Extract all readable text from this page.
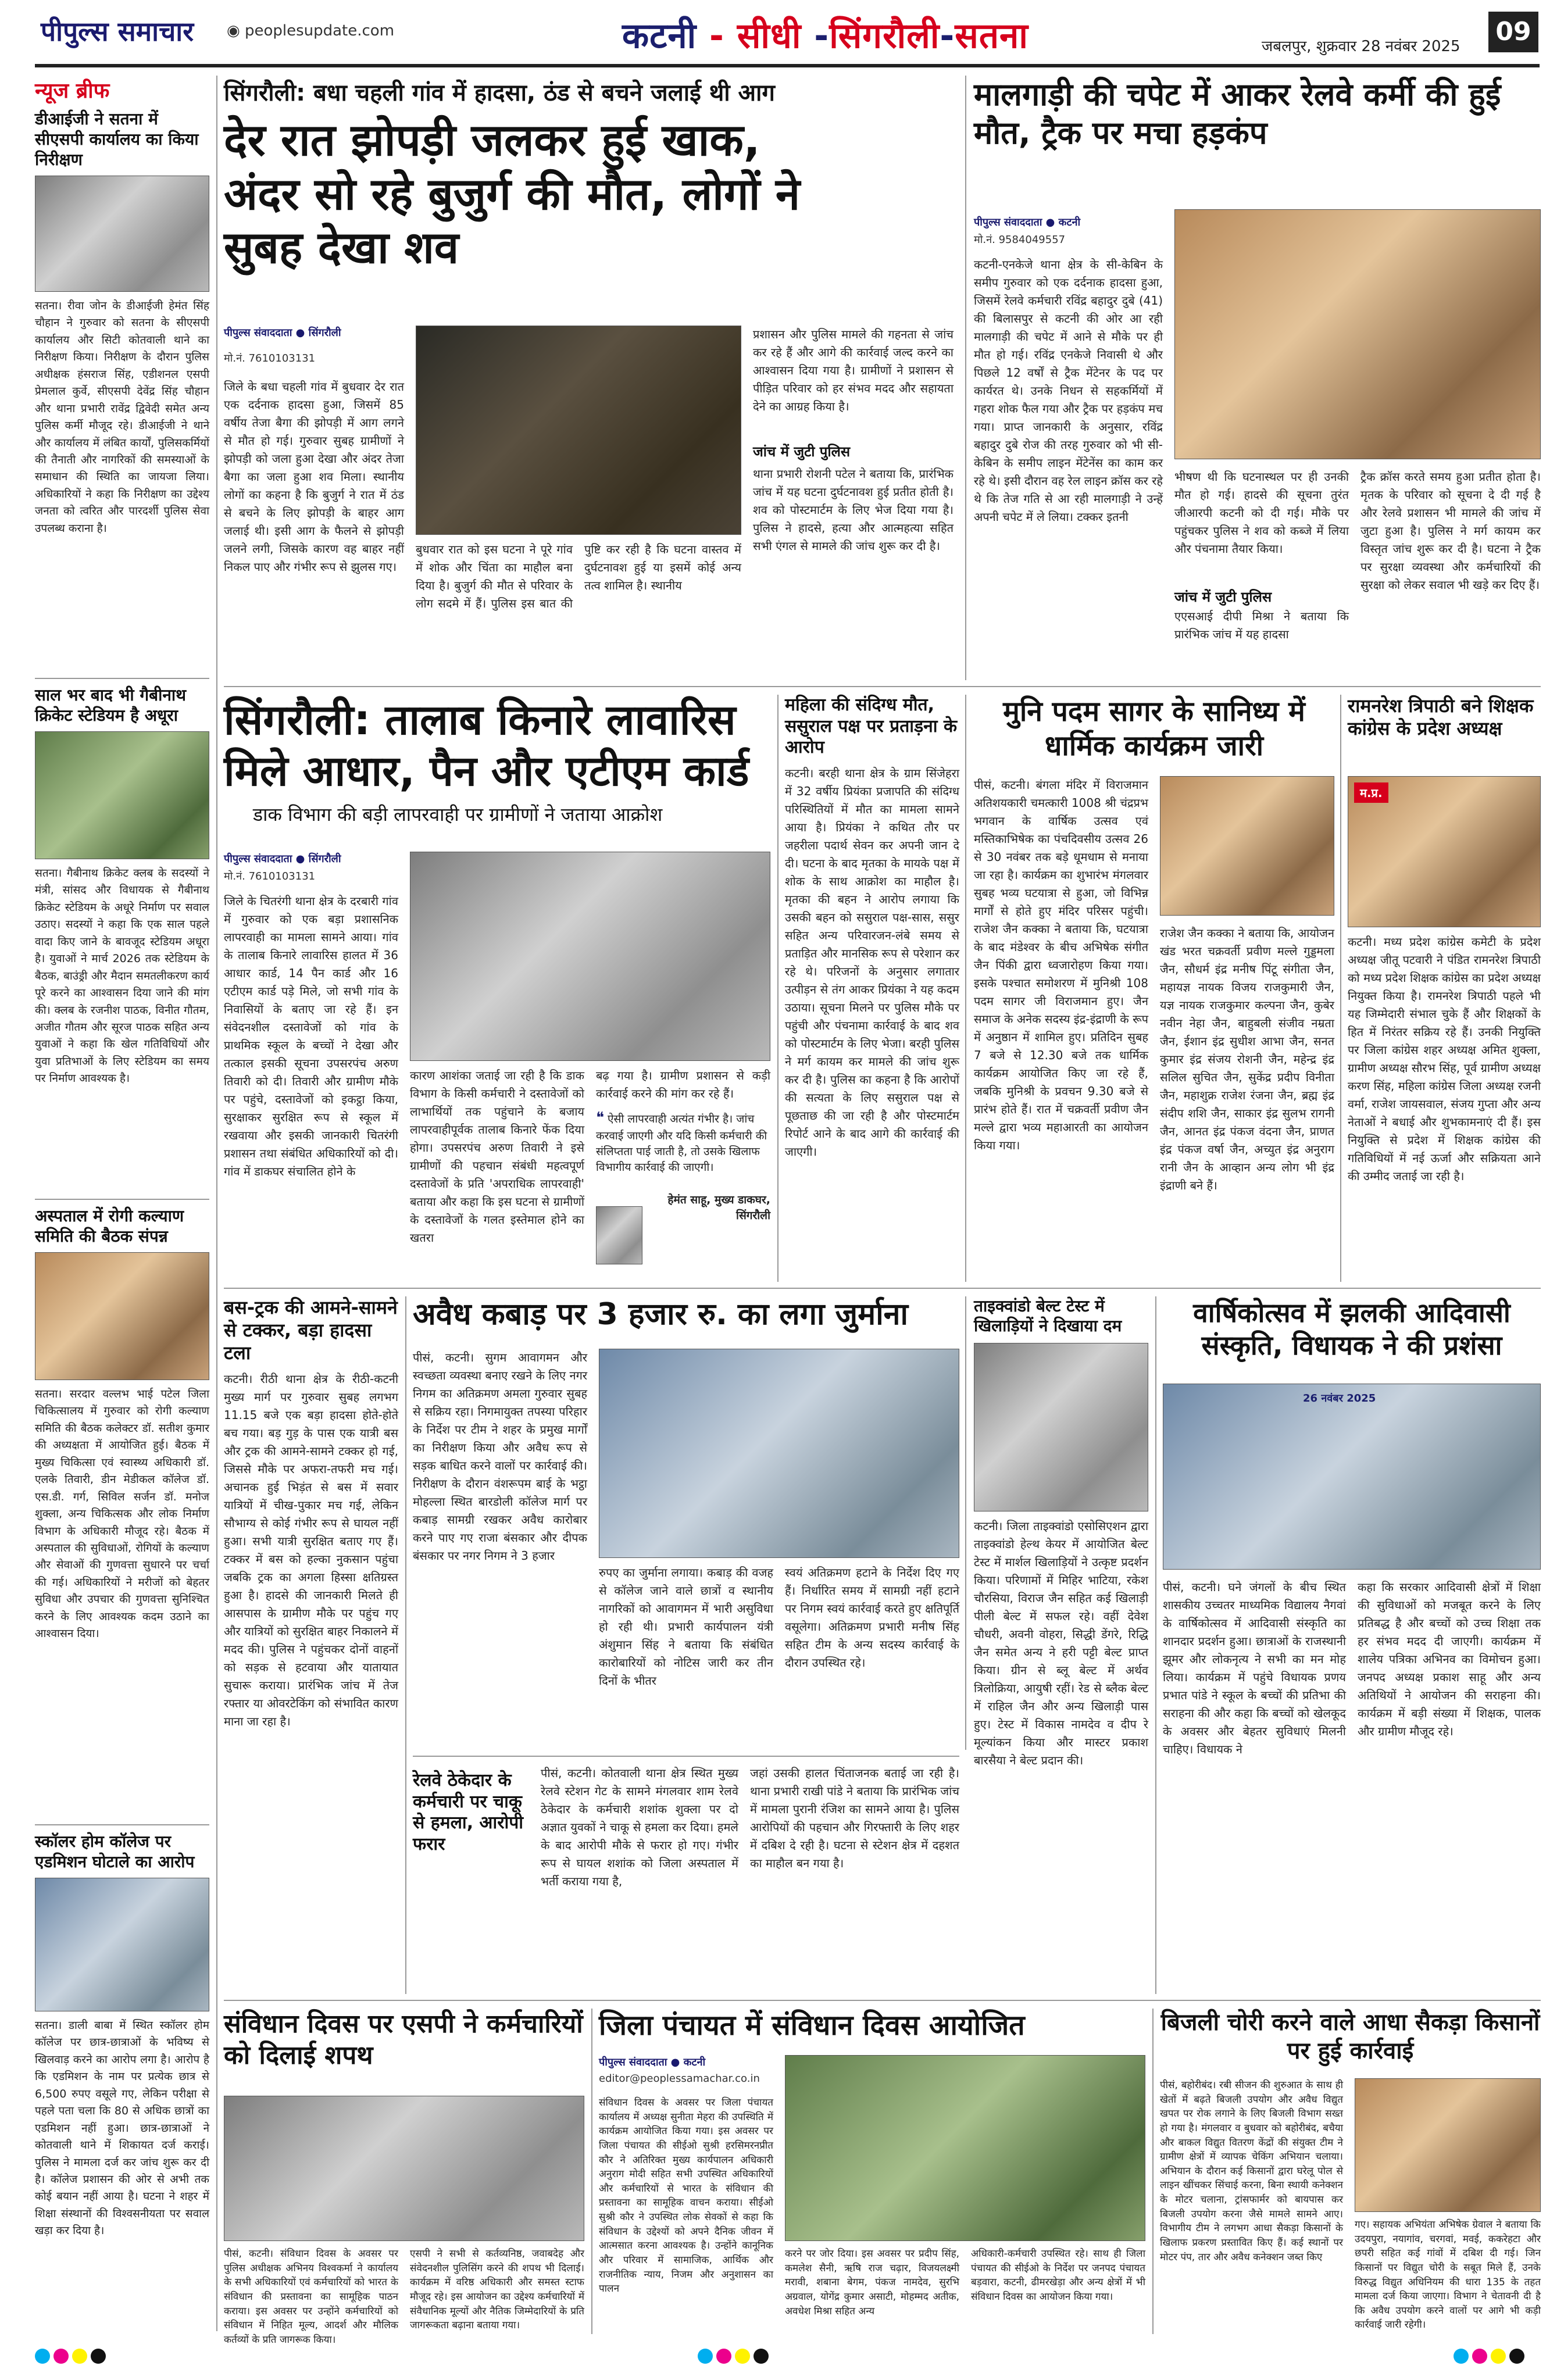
पीपुल्स समाचार ◉ peoplesupdate.com	कटनी - सीधी -सिंगरौली-सतना	जबलपुर, शुक्रवार 28 नवंबर 2025 09
न्यूज ब्रीफ
डीआईजी ने सतना में सीएसपी कार्यालय का किया निरीक्षण
सतना। रीवा जोन के डीआईजी हेमंत सिंह चौहान ने गुरुवार को सतना के सीएसपी कार्यालय और सिटी कोतवाली थाने का निरीक्षण किया। निरीक्षण के दौरान पुलिस अधीक्षक हंसराज सिंह, एडीशनल एसपी प्रेमलाल कुर्वे, सीएसपी देवेंद्र सिंह चौहान और थाना प्रभारी रावेंद्र द्विवेदी समेत अन्य पुलिस कर्मी मौजूद रहे। डीआईजी ने थाने और कार्यालय में लंबित कार्यों, पुलिसकर्मियों की तैनाती और नागरिकों की समस्याओं के समाधान की स्थिति का जायजा लिया। अधिकारियों ने कहा कि निरीक्षण का उद्देश्य जनता को त्वरित और पारदर्शी पुलिस सेवा उपलब्ध कराना है।
साल भर बाद भी गैबीनाथ क्रिकेट स्टेडियम है अधूरा
सतना। गैबीनाथ क्रिकेट क्लब के सदस्यों ने मंत्री, सांसद और विधायक से गैबीनाथ क्रिकेट स्टेडियम के अधूरे निर्माण पर सवाल उठाए। सदस्यों ने कहा कि एक साल पहले वादा किए जाने के बावजूद स्टेडियम अधूरा है। युवाओं ने मार्च 2026 तक स्टेडियम के बैठक, बाउंड्री और मैदान समतलीकरण कार्य पूरे करने का आश्वासन दिया जाने की मांग की। क्लब के रजनीश पाठक, विनीत गौतम, अजीत गौतम और सूरज पाठक सहित अन्य युवाओं ने कहा कि खेल गतिविधियों और युवा प्रतिभाओं के लिए स्टेडियम का समय पर निर्माण आवश्यक है।
अस्पताल में रोगी कल्याण समिति की बैठक संपन्न
सतना। सरदार वल्लभ भाई पटेल जिला चिकित्सालय में गुरुवार को रोगी कल्याण समिति की बैठक कलेक्टर डॉ. सतीश कुमार की अध्यक्षता में आयोजित हुई। बैठक में मुख्य चिकित्सा एवं स्वास्थ्य अधिकारी डॉ. एलके तिवारी, डीन मेडीकल कॉलेज डॉ. एस.डी. गर्ग, सिविल सर्जन डॉ. मनोज शुक्ला, अन्य चिकित्सक और लोक निर्माण विभाग के अधिकारी मौजूद रहे। बैठक में अस्पताल की सुविधाओं, रोगियों के कल्याण और सेवाओं की गुणवत्ता सुधारने पर चर्चा की गई। अधिकारियों ने मरीजों को बेहतर सुविधा और उपचार की गुणवत्ता सुनिश्चित करने के लिए आवश्यक कदम उठाने का आश्वासन दिया।
स्कॉलर होम कॉलेज पर एडमिशन घोटाले का आरोप
सतना। डाली बाबा में स्थित स्कॉलर होम कॉलेज पर छात्र-छात्राओं के भविष्य से खिलवाड़ करने का आरोप लगा है। आरोप है कि एडमिशन के नाम पर प्रत्येक छात्र से 6,500 रुपए वसूले गए, लेकिन परीक्षा से पहले पता चला कि 80 से अधिक छात्रों का एडमिशन नहीं हुआ। छात्र-छात्राओं ने कोतवाली थाने में शिकायत दर्ज कराई। पुलिस ने मामला दर्ज कर जांच शुरू कर दी है। कॉलेज प्रशासन की ओर से अभी तक कोई बयान नहीं आया है। घटना ने शहर में शिक्षा संस्थानों की विश्वसनीयता पर सवाल खड़ा कर दिया है।
सिंगरौली: बधा चहली गांव में हादसा, ठंड से बचने जलाई थी आग
देर रात झोपड़ी जलकर हुई खाक, अंदर सो रहे बुजुर्ग की मौत, लोगों ने सुबह देखा शव
पीपुल्स संवाददाता ● सिंगरौली
मो.नं. 7610103131
जिले के बधा चहली गांव में बुधवार देर रात एक दर्दनाक हादसा हुआ, जिसमें 85 वर्षीय तेजा बैगा की झोपड़ी में आग लगने से मौत हो गई। गुरुवार सुबह ग्रामीणों ने झोपड़ी को जला हुआ देखा और अंदर तेजा बैगा का जला हुआ शव मिला। स्थानीय लोगों का कहना है कि बुजुर्ग ने रात में ठंड से बचने के लिए झोपड़ी के बाहर आग जलाई थी। इसी आग के फैलने से झोपड़ी जलने लगी, जिसके कारण वह बाहर नहीं निकल पाए और गंभीर रूप से झुलस गए।
बुधवार रात को इस घटना ने पूरे गांव में शोक और चिंता का माहौल बना दिया है। बुजुर्ग की मौत से परिवार के लोग सदमे में हैं। पुलिस इस बात की पुष्टि कर रही है कि घटना वास्तव में दुर्घटनावश हुई या इसमें कोई अन्य तत्व शामिल है। स्थानीय
प्रशासन और पुलिस मामले की गहनता से जांच कर रहे हैं और आगे की कार्रवाई जल्द करने का आश्वासन दिया गया है। ग्रामीणों ने प्रशासन से पीड़ित परिवार को हर संभव मदद और सहायता देने का आग्रह किया है।
जांच में जुटी पुलिस
थाना प्रभारी रोशनी पटेल ने बताया कि, प्रारंभिक जांच में यह घटना दुर्घटनावश हुई प्रतीत होती है। शव को पोस्टमार्टम के लिए भेज दिया गया है। पुलिस ने हादसे, हत्या और आत्महत्या सहित सभी एंगल से मामले की जांच शुरू कर दी है।
मालगाड़ी की चपेट में आकर रेलवे कर्मी की हुई मौत, ट्रैक पर मचा हड़कंप
पीपुल्स संवाददाता ● कटनी
मो.नं. 9584049557
कटनी-एनकेजे थाना क्षेत्र के सी-केबिन के समीप गुरुवार को एक दर्दनाक हादसा हुआ, जिसमें रेलवे कर्मचारी रविंद्र बहादुर दुबे (41) की बिलासपुर से कटनी की ओर आ रही मालगाड़ी की चपेट में आने से मौके पर ही मौत हो गई। रविंद्र एनकेजे निवासी थे और पिछले 12 वर्षों से ट्रैक मेंटेनर के पद पर कार्यरत थे। उनके निधन से सहकर्मियों में गहरा शोक फैल गया और ट्रैक पर हड़कंप मच गया। प्राप्त जानकारी के अनुसार, रविंद्र बहादुर दुबे रोज की तरह गुरुवार को भी सी-केबिन के समीप लाइन मेंटेनेंस का काम कर रहे थे। इसी दौरान वह रेल लाइन क्रॉस कर रहे थे कि तेज गति से आ रही मालगाड़ी ने उन्हें अपनी चपेट में ले लिया। टक्कर इतनी
भीषण थी कि घटनास्थल पर ही उनकी मौत हो गई। हादसे की सूचना तुरंत जीआरपी कटनी को दी गई। मौके पर पहुंचकर पुलिस ने शव को कब्जे में लिया और पंचनामा तैयार किया।
जांच में जुटी पुलिस
एएसआई दीपी मिश्रा ने बताया कि प्रारंभिक जांच में यह हादसा
ट्रैक क्रॉस करते समय हुआ प्रतीत होता है। मृतक के परिवार को सूचना दे दी गई है और रेलवे प्रशासन भी मामले की जांच में जुटा हुआ है। पुलिस ने मर्ग कायम कर विस्तृत जांच शुरू कर दी है। घटना ने ट्रैक पर सुरक्षा व्यवस्था और कर्मचारियों की सुरक्षा को लेकर सवाल भी खड़े कर दिए हैं।
सिंगरौली: तालाब किनारे लावारिस मिले आधार, पैन और एटीएम कार्ड
डाक विभाग की बड़ी लापरवाही पर ग्रामीणों ने जताया आक्रोश
पीपुल्स संवाददाता ● सिंगरौली
मो.नं. 7610103131
जिले के चितरंगी थाना क्षेत्र के दरबारी गांव में गुरुवार को एक बड़ा प्रशासनिक लापरवाही का मामला सामने आया। गांव के तालाब किनारे लावारिस हालत में 36 आधार कार्ड, 14 पैन कार्ड और 16 एटीएम कार्ड पड़े मिले, जो सभी गांव के निवासियों के बताए जा रहे हैं। इन संवेदनशील दस्तावेजों को गांव के प्राथमिक स्कूल के बच्चों ने देखा और तत्काल इसकी सूचना उपसरपंच अरुण तिवारी को दी। तिवारी और ग्रामीण मौके पर पहुंचे, दस्तावेजों को इकट्ठा किया, सुरक्षाकर सुरक्षित रूप से स्कूल में रखवाया और इसकी जानकारी चितरंगी प्रशासन तथा संबंधित अधिकारियों को दी। गांव में डाकघर संचालित होने के
कारण आशंका जताई जा रही है कि डाक विभाग के किसी कर्मचारी ने दस्तावेजों को लाभार्थियों तक पहुंचाने के बजाय लापरवाहीपूर्वक तालाब किनारे फेंक दिया होगा। उपसरपंच अरुण तिवारी ने इसे ग्रामीणों की पहचान संबंधी महत्वपूर्ण दस्तावेजों के प्रति 'अपराधिक लापरवाही' बताया और कहा कि इस घटना से ग्रामीणों के दस्तावेजों के गलत इस्तेमाल होने का खतरा
बढ़ गया है। ग्रामीण प्रशासन से कड़ी कार्रवाई करने की मांग कर रहे हैं।
❝ ऐसी लापरवाही अत्यंत गंभीर है। जांच करवाई जाएगी और यदि किसी कर्मचारी की संलिप्तता पाई जाती है, तो उसके खिलाफ विभागीय कार्रवाई की जाएगी।
हेमंत साहू, मुख्य डाकघर, सिंगरौली
महिला की संदिग्ध मौत, ससुराल पक्ष पर प्रताड़ना के आरोप
कटनी। बरही थाना क्षेत्र के ग्राम सिंजेहरा में 32 वर्षीय प्रियंका प्रजापति की संदिग्ध परिस्थितियों में मौत का मामला सामने आया है। प्रियंका ने कथित तौर पर जहरीला पदार्थ सेवन कर अपनी जान दे दी। घटना के बाद मृतका के मायके पक्ष में शोक के साथ आक्रोश का माहौल है। मृतका की बहन ने आरोप लगाया कि उसकी बहन को ससुराल पक्ष-सास, ससुर सहित अन्य परिवारजन-लंबे समय से प्रताड़ित और मानसिक रूप से परेशान कर रहे थे। परिजनों के अनुसार लगातार उत्पीड़न से तंग आकर प्रियंका ने यह कदम उठाया। सूचना मिलने पर पुलिस मौके पर पहुंची और पंचनामा कार्रवाई के बाद शव को पोस्टमार्टम के लिए भेजा। बरही पुलिस ने मर्ग कायम कर मामले की जांच शुरू कर दी है। पुलिस का कहना है कि आरोपों की सत्यता के लिए ससुराल पक्ष से पूछताछ की जा रही है और पोस्टमार्टम रिपोर्ट आने के बाद आगे की कार्रवाई की जाएगी।
मुनि पदम सागर के सानिध्य में धार्मिक कार्यक्रम जारी
पीसं, कटनी। बंगला मंदिर में विराजमान अतिशयकारी चमत्कारी 1008 श्री चंद्रप्रभ भगवान के वार्षिक उत्सव एवं मस्तिकाभिषेक का पंचदिवसीय उत्सव 26 से 30 नवंबर तक बड़े धूमधाम से मनाया जा रहा है। कार्यक्रम का शुभारंभ मंगलवार सुबह भव्य घटयात्रा से हुआ, जो विभिन्न मार्गों से होते हुए मंदिर परिसर पहुंची। राजेश जैन कक्का ने बताया कि, घटयात्रा के बाद मंडेश्वर के बीच अभिषेक संगीत जैन पिंकी द्वारा ध्वजारोहण किया गया। इसके पश्चात समोशरण में मुनिश्री 108 पदम सागर जी विराजमान हुए। जैन समाज के अनेक सदस्य इंद्र-इंद्राणी के रूप में अनुष्ठान में शामिल हुए। प्रतिदिन सुबह 7 बजे से 12.30 बजे तक धार्मिक कार्यक्रम आयोजित किए जा रहे हैं, जबकि मुनिश्री के प्रवचन 9.30 बजे से प्रारंभ होते हैं। रात में चक्रवर्ती प्रवीण जैन मल्ले द्वारा भव्य महाआरती का आयोजन किया गया।
राजेश जैन कक्का ने बताया कि, आयोजन खंड भरत चक्रवर्ती प्रवीण मल्ले गुड्डमला जैन, सौधर्म इंद्र मनीष पिंटू संगीता जैन, महायज्ञ नायक विजय राजकुमारी जैन, यज्ञ नायक राजकुमार कल्पना जैन, कुबेर नवीन नेहा जैन, बाहुबली संजीव नम्रता जैन, ईशान इंद्र सुधीश आभा जैन, सनत कुमार इंद्र संजय रोशनी जैन, महेन्द्र इंद्र सलिल सुचित जैन, सुकेंद्र प्रदीप विनीता जैन, महाशुक्र राजेश रंजना जैन, ब्रह्म इंद्र संदीप शशि जैन, साकार इंद्र सुलभ रागनी जैन, आनत इंद्र पंकज वंदना जैन, प्राणत इंद्र पंकज वर्षा जैन, अच्युत इंद्र अनुराग रानी जैन के आव्हान अन्य लोग भी इंद्र इंद्राणी बने हैं।
रामनरेश त्रिपाठी बने शिक्षक कांग्रेस के प्रदेश अध्यक्ष
म.प्र.
कटनी। मध्य प्रदेश कांग्रेस कमेटी के प्रदेश अध्यक्ष जीतू पटवारी ने पंडित रामनरेश त्रिपाठी को मध्य प्रदेश शिक्षक कांग्रेस का प्रदेश अध्यक्ष नियुक्त किया है। रामनरेश त्रिपाठी पहले भी यह जिम्मेदारी संभाल चुके हैं और शिक्षकों के हित में निरंतर सक्रिय रहे हैं। उनकी नियुक्ति पर जिला कांग्रेस शहर अध्यक्ष अमित शुक्ला, ग्रामीण अध्यक्ष सौरभ सिंह, पूर्व ग्रामीण अध्यक्ष करण सिंह, महिला कांग्रेस जिला अध्यक्ष रजनी वर्मा, राजेश जायसवाल, संजय गुप्ता और अन्य नेताओं ने बधाई और शुभकामनाएं दी हैं। इस नियुक्ति से प्रदेश में शिक्षक कांग्रेस की गतिविधियों में नई ऊर्जा और सक्रियता आने की उम्मीद जताई जा रही है।
बस-ट्रक की आमने-सामने से टक्कर, बड़ा हादसा टला
कटनी। रीठी थाना क्षेत्र के रीठी-कटनी मुख्य मार्ग पर गुरुवार सुबह लगभग 11.15 बजे एक बड़ा हादसा होते-होते बच गया। बड़ गुड़ के पास एक यात्री बस और ट्रक की आमने-सामने टक्कर हो गई, जिससे मौके पर अफरा-तफरी मच गई। अचानक हुई भिड़ंत से बस में सवार यात्रियों में चीख-पुकार मच गई, लेकिन सौभाग्य से कोई गंभीर रूप से घायल नहीं हुआ। सभी यात्री सुरक्षित बताए गए हैं। टक्कर में बस को हल्का नुकसान पहुंचा जबकि ट्रक का अगला हिस्सा क्षतिग्रस्त हुआ है। हादसे की जानकारी मिलते ही आसपास के ग्रामीण मौके पर पहुंच गए और यात्रियों को सुरक्षित बाहर निकालने में मदद की। पुलिस ने पहुंचकर दोनों वाहनों को सड़क से हटवाया और यातायात सुचारू कराया। प्रारंभिक जांच में तेज रफ्तार या ओवरटेकिंग को संभावित कारण माना जा रहा है।
अवैध कबाड़ पर 3 हजार रु. का लगा जुर्माना
पीसं, कटनी। सुगम आवागमन और स्वच्छता व्यवस्था बनाए रखने के लिए नगर निगम का अतिक्रमण अमला गुरुवार सुबह से सक्रिय रहा। निगमायुक्त तपस्या परिहार के निर्देश पर टीम ने शहर के प्रमुख मार्गों का निरीक्षण किया और अवैध रूप से सड़क बाधित करने वालों पर कार्रवाई की। निरीक्षण के दौरान वंशरूपम बाई के भट्ठा मोहल्ला स्थित बारडोली कॉलेज मार्ग पर कबाड़ सामग्री रखकर अवैध कारोबार करने पाए गए राजा बंसकार और दीपक बंसकार पर नगर निगम ने 3 हजार
रुपए का जुर्माना लगाया। कबाड़ की वजह से कॉलेज जाने वाले छात्रों व स्थानीय नागरिकों को आवागमन में भारी असुविधा हो रही थी। प्रभारी कार्यपालन यंत्री अंशुमान सिंह ने बताया कि संबंधित कारोबारियों को नोटिस जारी कर तीन दिनों के भीतर
स्वयं अतिक्रमण हटाने के निर्देश दिए गए हैं। निर्धारित समय में सामग्री नहीं हटाने पर निगम स्वयं कार्रवाई करते हुए क्षतिपूर्ति वसूलेगा। अतिक्रमण प्रभारी मनीष सिंह सहित टीम के अन्य सदस्य कार्रवाई के दौरान उपस्थित रहे।
ताइक्वांडो बेल्ट टेस्ट में खिलाड़ियों ने दिखाया दम
कटनी। जिला ताइक्वांडो एसोसिएशन द्वारा ताइक्वांडो हेल्थ केयर में आयोजित बेल्ट टेस्ट में मार्शल खिलाड़ियों ने उत्कृष्ट प्रदर्शन किया। परिणामों में मिहिर भाटिया, रकेश चौरसिया, विराज जैन सहित कई खिलाड़ी पीली बेल्ट में सफल रहे। वहीं देवेश चौधरी, अवनी वोहरा, सिद्धी डेंगरे, रिद्धि जैन समेत अन्य ने हरी पट्टी बेल्ट प्राप्त किया। ग्रीन से ब्लू बेल्ट में अर्थव त्रिलोक्रिया, आयुषी रहीं। रेड से ब्लैक बेल्ट में राहिल जैन और अन्य खिलाड़ी पास हुए। टेस्ट में विकास नामदेव व दीप रे मूल्यांकन किया और मास्टर प्रकाश बारसैया ने बेल्ट प्रदान की।
वार्षिकोत्सव में झलकी आदिवासी संस्कृति, विधायक ने की प्रशंसा
26 नवंबर 2025
पीसं, कटनी। घने जंगलों के बीच स्थित शासकीय उच्चतर माध्यमिक विद्यालय नैगवां के वार्षिकोत्सव में आदिवासी संस्कृति का शानदार प्रदर्शन हुआ। छात्राओं के राजस्थानी झूमर और लोकनृत्य ने सभी का मन मोह लिया। कार्यक्रम में पहुंचे विधायक प्रणय प्रभात पांडे ने स्कूल के बच्चों की प्रतिभा की सराहना की और कहा कि बच्चों को खेलकूद के अवसर और बेहतर सुविधाएं मिलनी चाहिए। विधायक ने
कहा कि सरकार आदिवासी क्षेत्रों में शिक्षा की सुविधाओं को मजबूत करने के लिए प्रतिबद्ध है और बच्चों को उच्च शिक्षा तक हर संभव मदद दी जाएगी। कार्यक्रम में शालेय पत्रिका अभिनव का विमोचन हुआ। जनपद अध्यक्ष प्रकाश साहू और अन्य अतिथियों ने आयोजन की सराहना की। कार्यक्रम में बड़ी संख्या में शिक्षक, पालक और ग्रामीण मौजूद रहे।
रेलवे ठेकेदार के कर्मचारी पर चाकू से हमला, आरोपी फरार
पीसं, कटनी। कोतवाली थाना क्षेत्र स्थित मुख्य रेलवे स्टेशन गेट के सामने मंगलवार शाम रेलवे ठेकेदार के कर्मचारी शशांक शुक्ला पर दो अज्ञात युवकों ने चाकू से हमला कर दिया। हमले के बाद आरोपी मौके से फरार हो गए। गंभीर रूप से घायल शशांक को जिला अस्पताल में भर्ती कराया गया है,
जहां उसकी हालत चिंताजनक बताई जा रही है। थाना प्रभारी राखी पांडे ने बताया कि प्रारंभिक जांच में मामला पुरानी रंजिश का सामने आया है। पुलिस आरोपियों की पहचान और गिरफ्तारी के लिए शहर में दबिश दे रही है। घटना से स्टेशन क्षेत्र में दहशत का माहौल बन गया है।
संविधान दिवस पर एसपी ने कर्मचारियों को दिलाई शपथ
पीसं, कटनी। संविधान दिवस के अवसर पर पुलिस अधीक्षक अभिनय विश्वकर्मा ने कार्यालय के सभी अधिकारियों एवं कर्मचारियों को भारत के संविधान की प्रस्तावना का सामूहिक पाठन कराया। इस अवसर पर उन्होंने कर्मचारियों को संविधान में निहित मूल्य, आदर्श और मौलिक कर्तव्यों के प्रति जागरूक किया।
एसपी ने सभी से कर्तव्यनिष्ठ, जवाबदेह और संवेदनशील पुलिसिंग करने की शपथ भी दिलाई। कार्यक्रम में वरिष्ठ अधिकारी और समस्त स्टाफ मौजूद रहे। इस आयोजन का उद्देश्य कर्मचारियों में संवैधानिक मूल्यों और नैतिक जिम्मेदारियों के प्रति जागरूकता बढ़ाना बताया गया।
जिला पंचायत में संविधान दिवस आयोजित
पीपुल्स संवाददाता ● कटनी
editor@peoplessamachar.co.in
संविधान दिवस के अवसर पर जिला पंचायत कार्यालय में अध्यक्ष सुनीता मेहरा की उपस्थिति में कार्यक्रम आयोजित किया गया। इस अवसर पर जिला पंचायत की सीईओ सुश्री हरसिमरनप्रीत कौर ने अतिरिक्त मुख्य कार्यपालन अधिकारी अनुराग मोदी सहित सभी उपस्थित अधिकारियों और कर्मचारियों से भारत के संविधान की प्रस्तावना का सामूहिक वाचन कराया। सीईओ सुश्री कौर ने उपस्थित लोक सेवकों से कहा कि संविधान के उद्देश्यों को अपने दैनिक जीवन में आत्मसात करना आवश्यक है। उन्होंने कानूनिक और परिवार में सामाजिक, आर्थिक और राजनीतिक न्याय, निजम और अनुशासन का पालन
करने पर जोर दिया। इस अवसर पर प्रदीप सिंह, कमलेश सैनी, ऋषि राज चढ़ार, विजयलक्ष्मी मरावी, शबाना बेगम, पंकज नामदेव, सुरभि अग्रवाल, योगेंद्र कुमार असाटी, मोहम्मद अतीक, अवधेश मिश्रा सहित अन्य
अधिकारी-कर्मचारी उपस्थित रहे। साथ ही जिला पंचायत की सीईओ के निर्देश पर जनपद पंचायत बड़वारा, कटनी, ढीमरखेड़ा और अन्य क्षेत्रों में भी संविधान दिवस का आयोजन किया गया।
बिजली चोरी करने वाले आधा सैकड़ा किसानों पर हुई कार्रवाई
पीसं, बहोरीबंद। रबी सीजन की शुरुआत के साथ ही खेतों में बढ़ते बिजली उपयोग और अवैध विद्युत खपत पर रोक लगाने के लिए बिजली विभाग सख्त हो गया है। मंगलवार व बुधवार को बहोरीबंद, बचैया और बाकल विद्युत वितरण केंद्रों की संयुक्त टीम ने ग्रामीण क्षेत्रों में व्यापक चेकिंग अभियान चलाया। अभियान के दौरान कई किसानों द्वारा घरेलू पोल से लाइन खींचकर सिंचाई करना, बिना स्थायी कनेक्शन के मोटर चलाना, ट्रांसफार्मर को बायपास कर बिजली उपयोग करना जैसे मामले सामने आए। विभागीय टीम ने लगभग आधा सैकड़ा किसानों के खिलाफ प्रकरण प्रस्तावित किए हैं। कई स्थानों पर मोटर पंप, तार और अवैध कनेक्शन जब्त किए
गए। सहायक अभियंता अभिषेक ग्रेवाल ने बताया कि उदयपुरा, नयागांव, चरगवां, मवई, ककरेहटा और छपरी सहित कई गांवों में दबिश दी गई। जिन किसानों पर विद्युत चोरी के सबूत मिले हैं, उनके विरुद्ध विद्युत अधिनियम की धारा 135 के तहत मामला दर्ज किया जाएगा। विभाग ने चेतावनी दी है कि अवैध उपयोग करने वालों पर आगे भी कड़ी कार्रवाई जारी रहेगी।
